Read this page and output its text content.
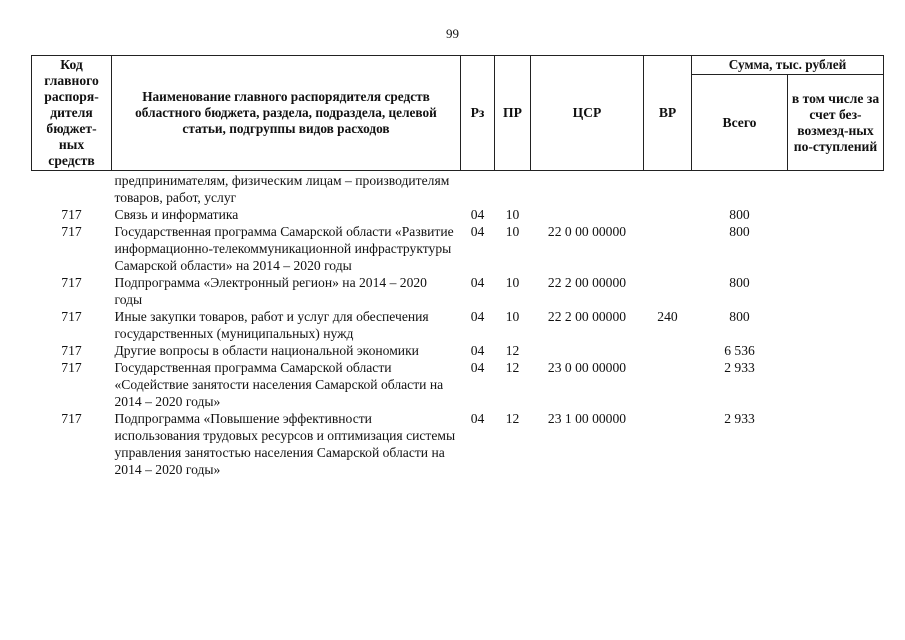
99
Код главного распоря-дителя бюджет-ных средств	Наименование главного распорядителя средств областного бюджета, раздела, подраздела, целевой статьи, подгруппы видов расходов	Рз	ПР	ЦСР	ВР	Сумма, тыс. рублей	
						Всего	в том числе за счет без-возмезд-ных по-ступлений
	предпринимателям, физическим лицам – производителям товаров, работ, услуг						
717	Связь и информатика	04	10			800	
717	Государственная программа Самарской области «Развитие информационно-телекоммуникационной инфраструктуры Самарской области» на 2014 – 2020 годы	04	10	22 0 00 00000		800	
717	Подпрограмма «Электронный регион» на 2014 – 2020 годы	04	10	22 2 00 00000		800	
717	Иные закупки товаров, работ и услуг для обеспечения государственных (муниципальных) нужд	04	10	22 2 00 00000	240	800	
717	Другие вопросы в области национальной экономики	04	12			6 536	
717	Государственная программа Самарской области «Содействие занятости населения Самарской области на 2014 – 2020 годы»	04	12	23 0 00 00000		2 933	
717	Подпрограмма «Повышение эффективности использования трудовых ресурсов и оптимизация системы управления занятостью населения Самарской области на 2014 – 2020 годы»	04	12	23 1 00 00000		2 933	
